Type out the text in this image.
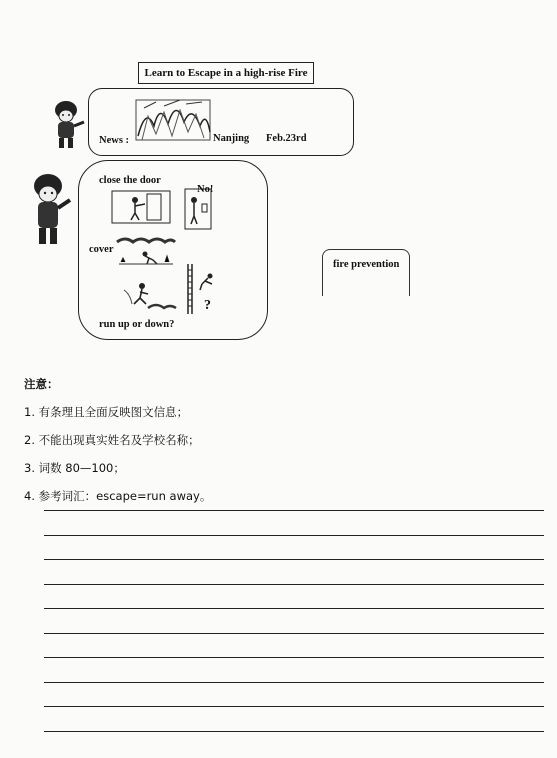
Learn to Escape in a high-rise Fire
News :	Nanjing Feb.23rd
close the door
No!
cover
?
run up or down?
fire prevention
注意：
1. 有条理且全面反映图文信息；
2. 不能出现真实姓名及学校名称；
3. 词数 80—100；
4. 参考词汇：escape=run away。
